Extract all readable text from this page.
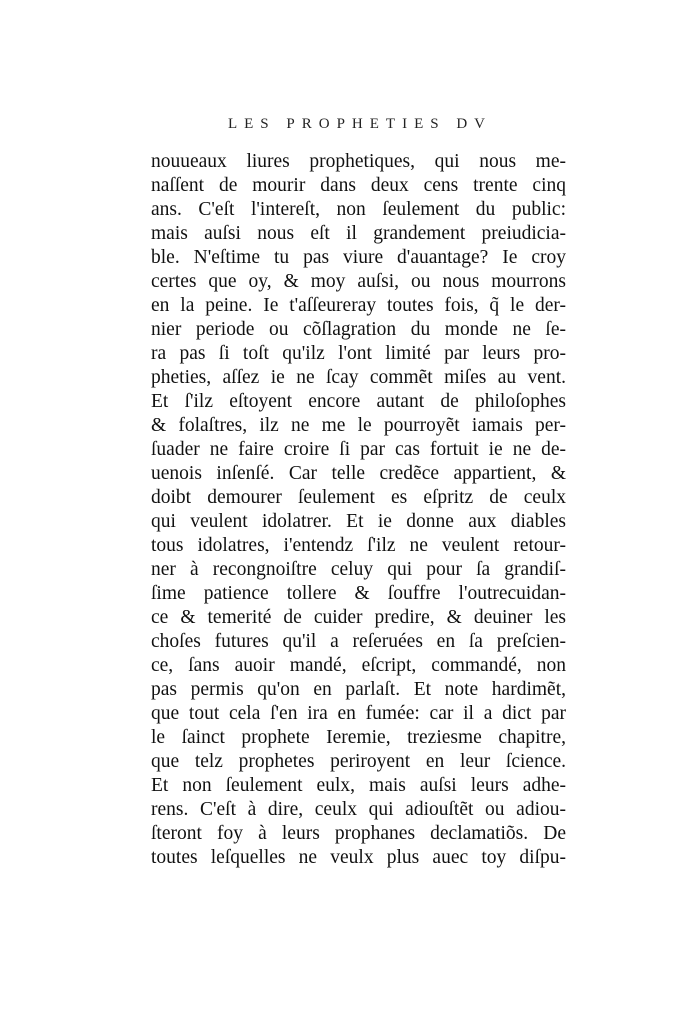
LES PROPHETIES DV
nouueaux liures prophetiques, qui nous me-
naſſent de mourir dans deux cens trente cinq
ans. C'eſt l'intereſt, non ſeulement du public:
mais auſsi nous eſt il grandement preiudicia-
ble. N'eſtime tu pas viure d'auantage? Ie croy
certes que oy, & moy auſsi, ou nous mourrons
en la peine. Ie t'aſſeureray toutes fois, q̃ le der-
nier periode ou cõſlagration du monde ne ſe-
ra pas ſi toſt qu'ilz l'ont limité par leurs pro-
pheties, aſſez ie ne ſcay commẽt miſes au vent.
Et ſ'ilz eſtoyent encore autant de philoſophes
& folaſtres, ilz ne me le pourroyẽt iamais per-
ſuader ne faire croire ſi par cas fortuit ie ne de-
uenois inſenſé. Car telle credẽce appartient, &
doibt demourer ſeulement es eſpritz de ceulx
qui veulent idolatrer. Et ie donne aux diables
tous idolatres, i'entendz ſ'ilz ne veulent retour-
ner à recongnoiſtre celuy qui pour ſa grandiſ-
ſime patience tollere & ſouffre l'outrecuidan-
ce & temerité de cuider predire, & deuiner les
choſes futures qu'il a reſeruées en ſa preſcien-
ce, ſans auoir mandé, eſcript, commandé, non
pas permis qu'on en parlaſt. Et note hardimẽt,
que tout cela ſ'en ira en fumée: car il a dict par
le ſainct prophete Ieremie, treziesme chapitre,
que telz prophetes periroyent en leur ſcience.
Et non ſeulement eulx, mais auſsi leurs adhe-
rens. C'eſt à dire, ceulx qui adiouſtẽt ou adiou-
ſteront foy à leurs prophanes declamatiõs. De
toutes leſquelles ne veulx plus auec toy diſpu-
